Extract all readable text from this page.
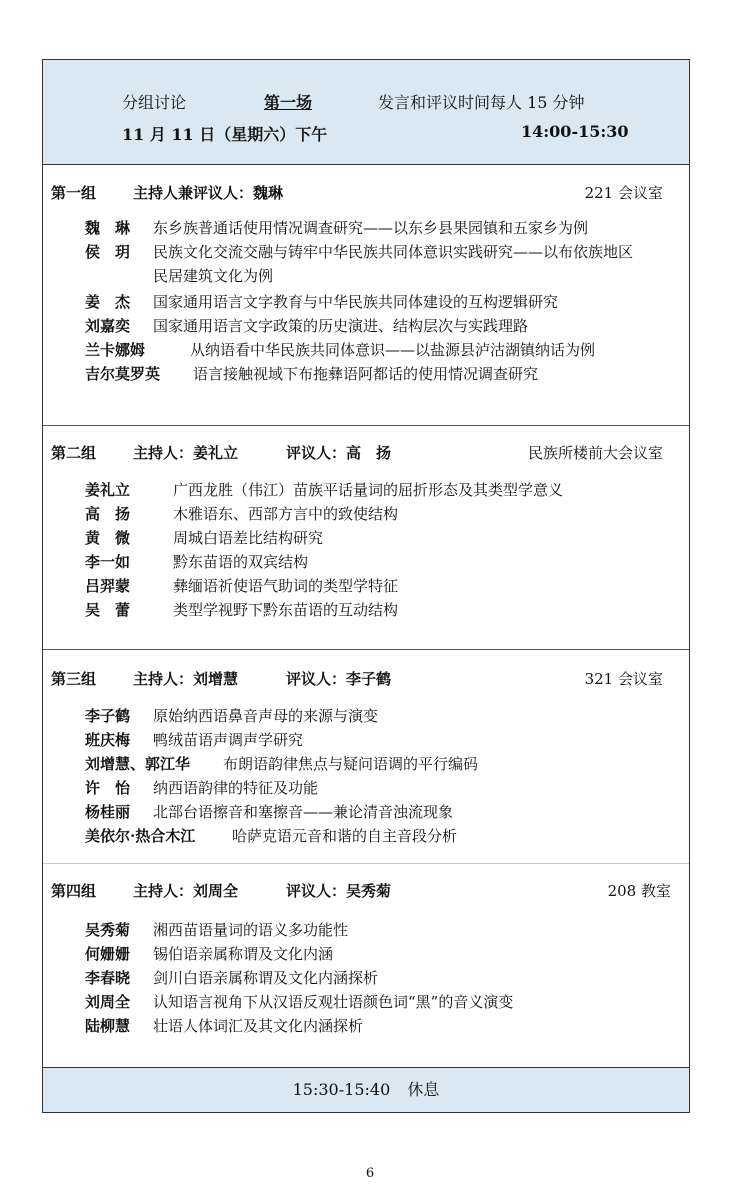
分组讨论	第一场	发言和评议时间每人 15 分钟
11 月 11 日（星期六）下午	14:00-15:30
第一组 主持人兼评议人：魏琳	221 会议室
魏　琳 东乡族普通话使用情况调查研究——以东乡县果园镇和五家乡为例
侯　玥 民族文化交流交融与铸牢中华民族共同体意识实践研究——以布依族地区民居建筑文化为例
姜　杰 国家通用语言文字教育与中华民族共同体建设的互构逻辑研究
刘嘉奕 国家通用语言文字政策的历史演进、结构层次与实践理路
兰卡娜姆	从纳语看中华民族共同体意识——以盐源县泸沽湖镇纳话为例
吉尔莫罗英 语言接触视域下布拖彝语阿都话的使用情况调查研究
第二组 主持人：姜礼立	评议人：高　扬	民族所楼前大会议室
姜礼立	广西龙胜（伟江）苗族平话量词的屈折形态及其类型学意义
高　扬	木雅语东、西部方言中的致使结构
黄　微	周城白语差比结构研究
李一如	黔东苗语的双宾结构
吕羿蒙	彝缅语祈使语气助词的类型学特征
吴　蕾	类型学视野下黔东苗语的互动结构
第三组 主持人：刘增慧	评议人：李子鹤	321 会议室
李子鹤 原始纳西语鼻音声母的来源与演变
班庆梅 鸭绒苗语声调声学研究
刘增慧、郭江华 布朗语韵律焦点与疑问语调的平行编码
许　怡 纳西语韵律的特征及功能
杨桂丽 北部台语擦音和塞擦音——兼论清音浊流现象
美依尔·热合木江 哈萨克语元音和谐的自主音段分析
第四组 主持人：刘周全	评议人：吴秀菊	208 教室
吴秀菊 湘西苗语量词的语义多功能性
何姗姗 锡伯语亲属称谓及文化内涵
李春晓 剑川白语亲属称谓及文化内涵探析
刘周全 认知语言视角下从汉语反观壮语颜色词“黑”的音义演变
陆柳慧 壮语人体词汇及其文化内涵探析
15:30-15:40 休息
6
